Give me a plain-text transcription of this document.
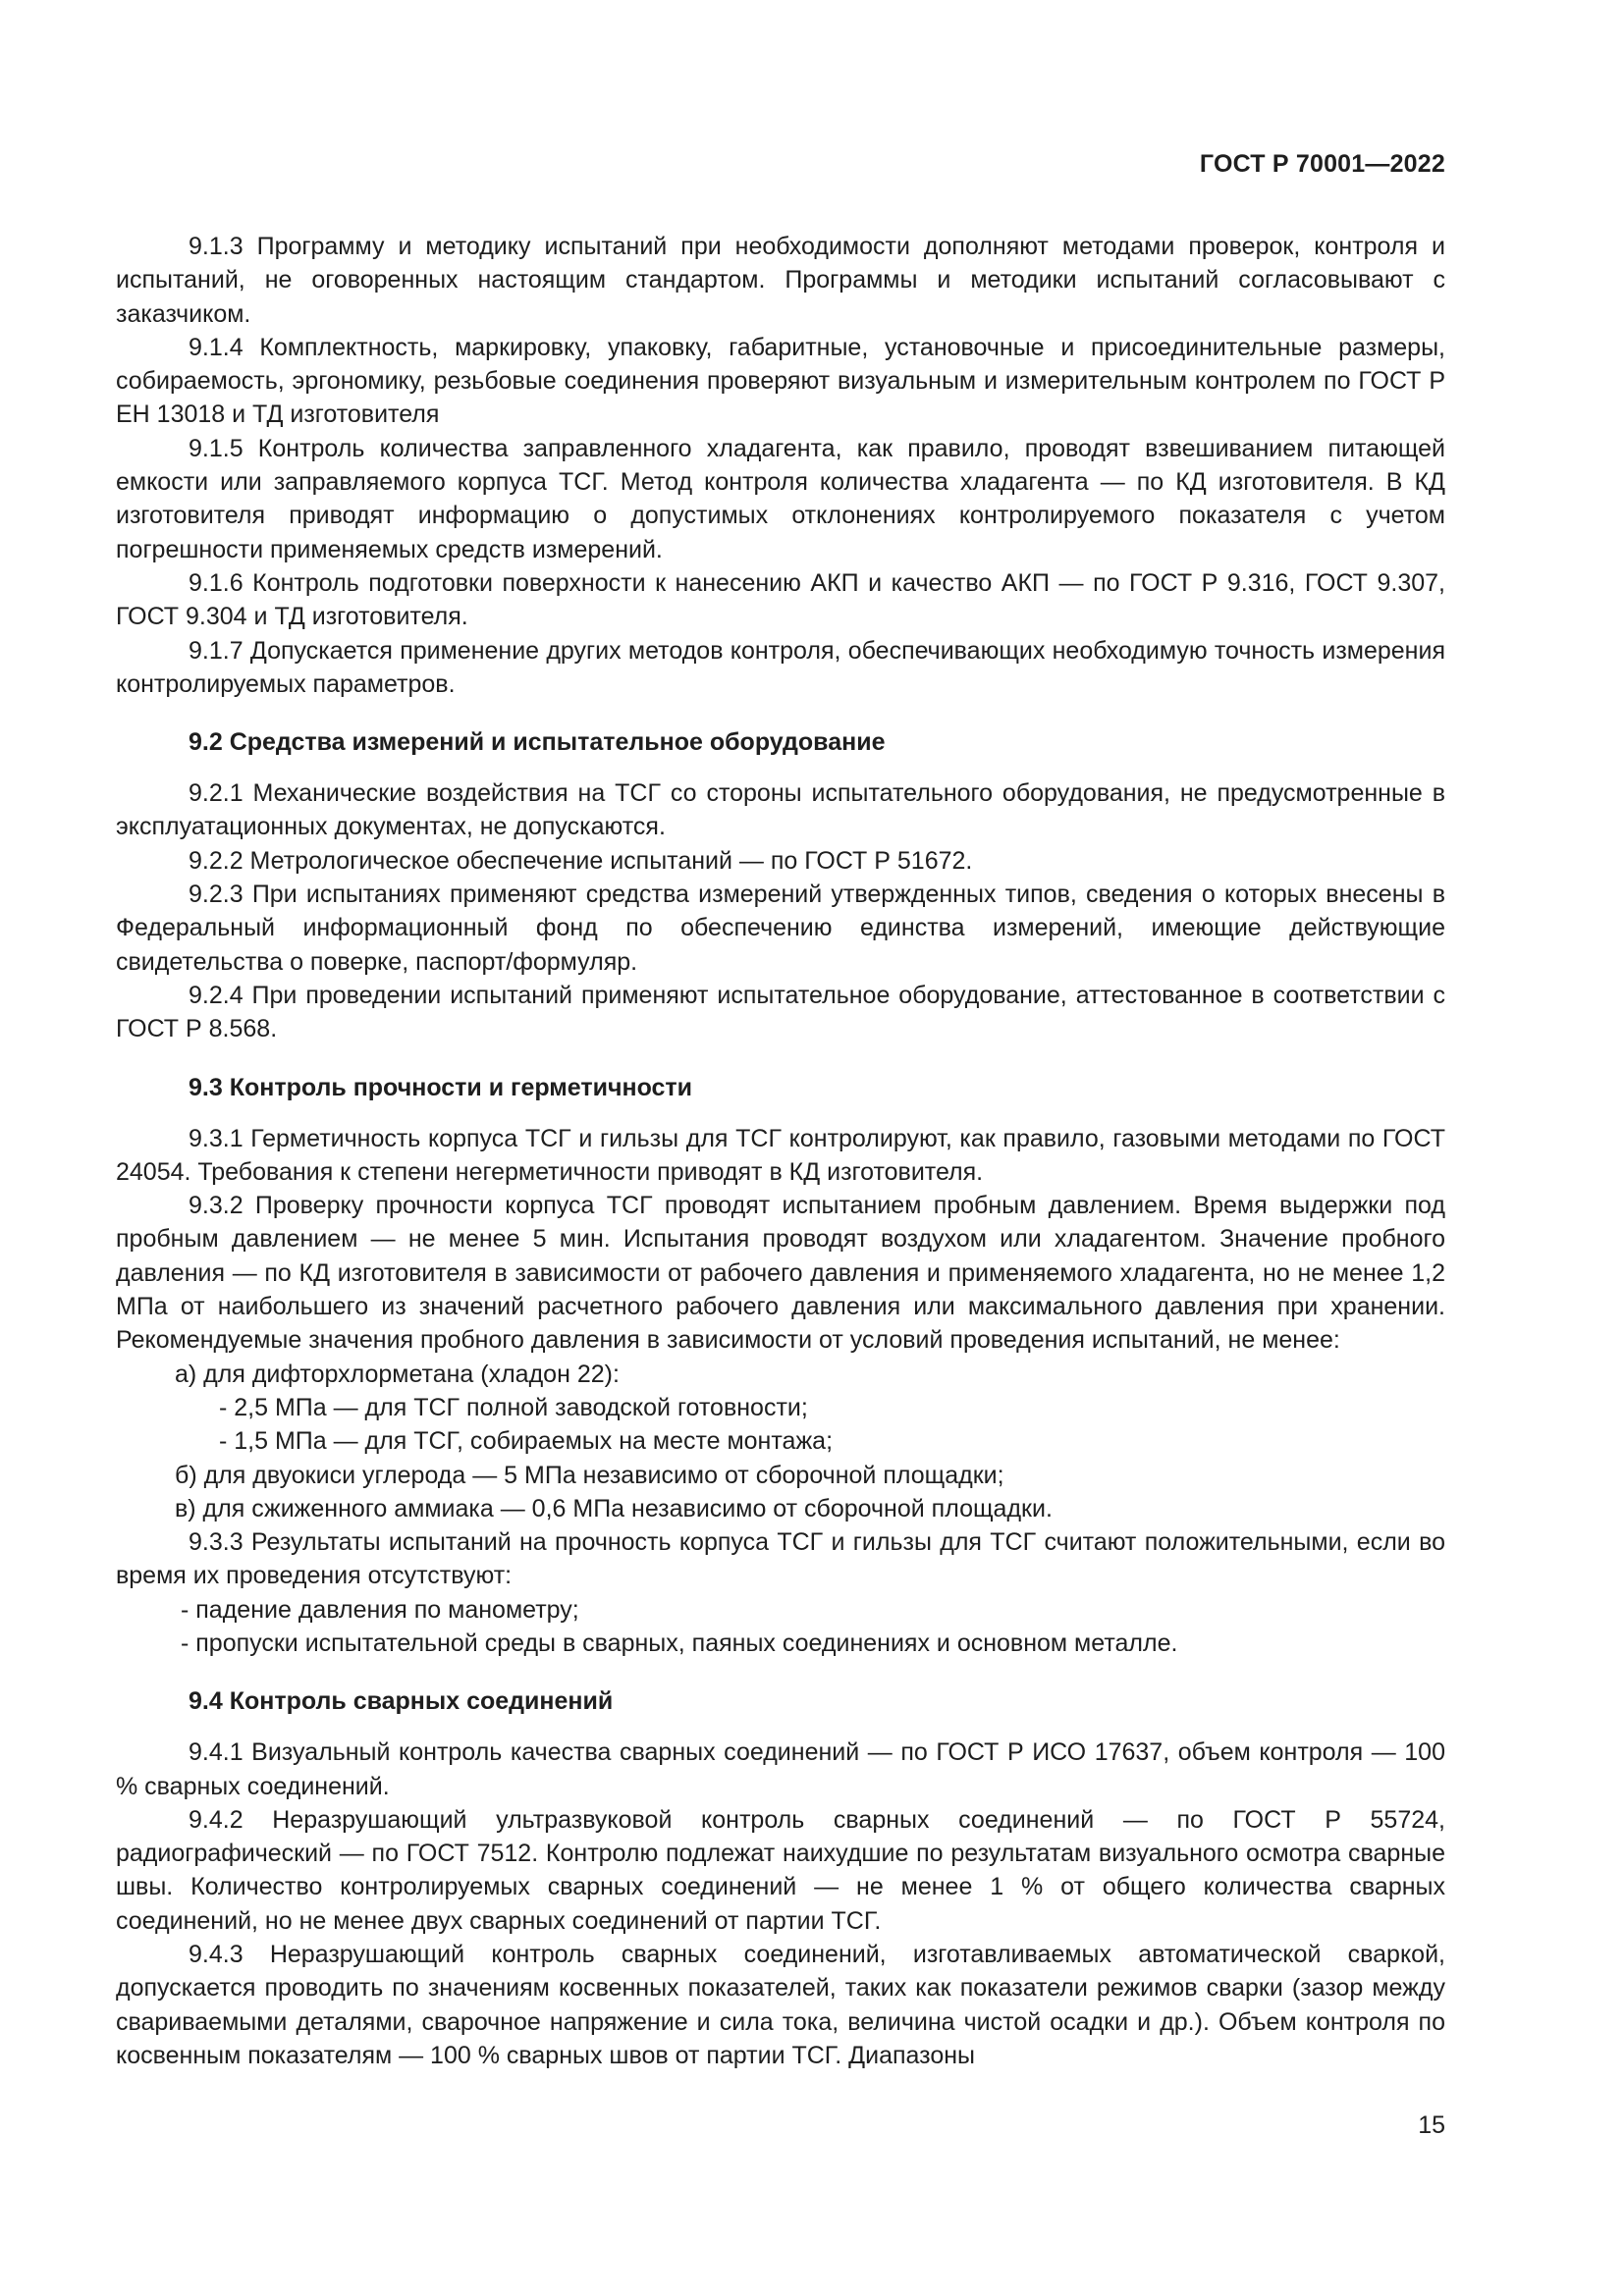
ГОСТ Р 70001—2022

9.1.3 Программу и методику испытаний при необходимости дополняют методами проверок, контроля и испытаний, не оговоренных настоящим стандартом. Программы и методики испытаний согласовывают с заказчиком.

9.1.4 Комплектность, маркировку, упаковку, габаритные, установочные и присоединительные размеры, собираемость, эргономику, резьбовые соединения проверяют визуальным и измерительным контролем по ГОСТ Р ЕН 13018 и ТД изготовителя

9.1.5 Контроль количества заправленного хладагента, как правило, проводят взвешиванием питающей емкости или заправляемого корпуса ТСГ. Метод контроля количества хладагента — по КД изготовителя. В КД изготовителя приводят информацию о допустимых отклонениях контролируемого показателя с учетом погрешности применяемых средств измерений.

9.1.6 Контроль подготовки поверхности к нанесению АКП и качество АКП — по ГОСТ Р 9.316, ГОСТ 9.307, ГОСТ 9.304 и ТД изготовителя.

9.1.7 Допускается применение других методов контроля, обеспечивающих необходимую точность измерения контролируемых параметров.

9.2 Средства измерений и испытательное оборудование

9.2.1 Механические воздействия на ТСГ со стороны испытательного оборудования, не предусмотренные в эксплуатационных документах, не допускаются.

9.2.2 Метрологическое обеспечение испытаний — по ГОСТ Р 51672.

9.2.3 При испытаниях применяют средства измерений утвержденных типов, сведения о которых внесены в Федеральный информационный фонд по обеспечению единства измерений, имеющие действующие свидетельства о поверке, паспорт/формуляр.

9.2.4 При проведении испытаний применяют испытательное оборудование, аттестованное в соответствии с ГОСТ Р 8.568.

9.3 Контроль прочности и герметичности

9.3.1 Герметичность корпуса ТСГ и гильзы для ТСГ контролируют, как правило, газовыми методами по ГОСТ 24054. Требования к степени негерметичности приводят в КД изготовителя.

9.3.2 Проверку прочности корпуса ТСГ проводят испытанием пробным давлением. Время выдержки под пробным давлением — не менее 5 мин. Испытания проводят воздухом или хладагентом. Значение пробного давления — по КД изготовителя в зависимости от рабочего давления и применяемого хладагента, но не менее 1,2 МПа от наибольшего из значений расчетного рабочего давления или максимального давления при хранении. Рекомендуемые значения пробного давления в зависимости от условий проведения испытаний, не менее:

а) для дифторхлорметана (хладон 22):

- 2,5 МПа — для ТСГ полной заводской готовности;

- 1,5 МПа — для ТСГ, собираемых на месте монтажа;

б) для двуокиси углерода — 5 МПа независимо от сборочной площадки;

в) для сжиженного аммиака — 0,6 МПа независимо от сборочной площадки.

9.3.3 Результаты испытаний на прочность корпуса ТСГ и гильзы для ТСГ считают положительными, если во время их проведения отсутствуют:

- падение давления по манометру;

- пропуски испытательной среды в сварных, паяных соединениях и основном металле.

9.4 Контроль сварных соединений

9.4.1 Визуальный контроль качества сварных соединений — по ГОСТ Р ИСО 17637, объем контроля — 100 % сварных соединений.

9.4.2 Неразрушающий ультразвуковой контроль сварных соединений — по ГОСТ Р 55724, радиографический — по ГОСТ 7512. Контролю подлежат наихудшие по результатам визуального осмотра сварные швы. Количество контролируемых сварных соединений — не менее 1 % от общего количества сварных соединений, но не менее двух сварных соединений от партии ТСГ.

9.4.3 Неразрушающий контроль сварных соединений, изготавливаемых автоматической сваркой, допускается проводить по значениям косвенных показателей, таких как показатели режимов сварки (зазор между свариваемыми деталями, сварочное напряжение и сила тока, величина чистой осадки и др.). Объем контроля по косвенным показателям — 100 % сварных швов от партии ТСГ. Диапазоны

15
